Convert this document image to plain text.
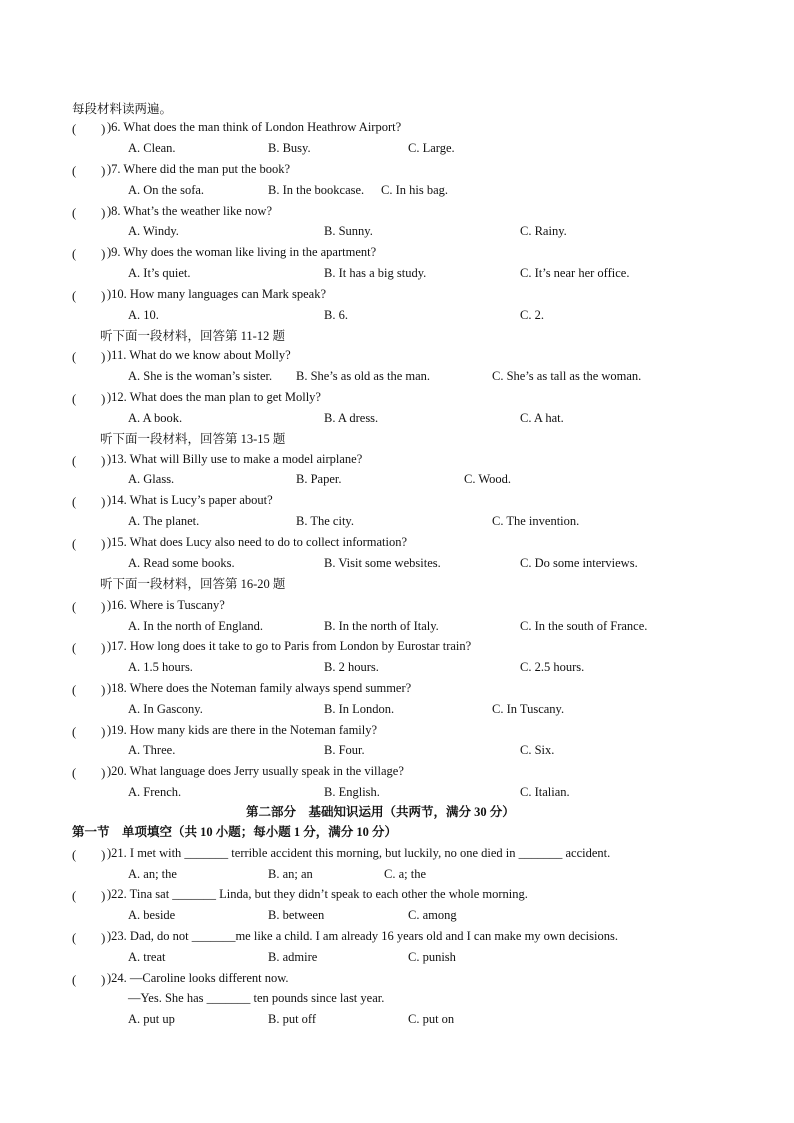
每段材料读两遍。
(　　) )6. What does the man think of London Heathrow Airport?
A. Clean.	B. Busy.	C. Large.
(　　) )7. Where did the man put the book?
A. On the sofa.	B. In the bookcase. C. In his bag.
(　　) )8. What’s the weather like now?
A. Windy.	B. Sunny.	C. Rainy.
(　　) )9. Why does the woman like living in the apartment?
A. It’s quiet.	B. It has a big study.	C. It’s near her office.
(　　) )10. How many languages can Mark speak?
A. 10.	B. 6.	C. 2.
听下面一段材料，回答第 11-12 题
(　　) )11. What do we know about Molly?
A. She is the woman’s sister. B. She’s as old as the man.	C. She’s as tall as the woman.
(　　) )12. What does the man plan to get Molly?
A. A book.	B. A dress.	C. A hat.
听下面一段材料，回答第 13-15 题
(　　) )13. What will Billy use to make a model airplane?
A. Glass.	B. Paper.	C. Wood.
(　　) )14. What is Lucy’s paper about?
A. The planet.	B. The city.	C. The invention.
(　　) )15. What does Lucy also need to do to collect information?
A. Read some books.	B. Visit some websites.	C. Do some interviews.
听下面一段材料，回答第 16-20 题
(　　) )16. Where is Tuscany?
A. In the north of England.	B. In the north of Italy.	C. In the south of France.
(　　) )17. How long does it take to go to Paris from London by Eurostar train?
A. 1.5 hours.	B. 2 hours.	C. 2.5 hours.
(　　) )18. Where does the Noteman family always spend summer?
A. In Gascony.	B. In London.	C. In Tuscany.
(　　) )19. How many kids are there in the Noteman family?
A. Three.	B. Four.	C. Six.
(　　) )20. What language does Jerry usually speak in the village?
A. French.	B. English.	C. Italian.
第二部分　基础知识运用（共两节，满分 30 分）
第一节　单项填空（共 10 小题；每小题 1 分，满分 10 分）
(　　) )21. I met with _______ terrible accident this morning, but luckily, no one died in _______ accident.
A. an; the	B. an; an	C. a; the
(　　) )22. Tina sat _______ Linda, but they didn’t speak to each other the whole morning.
A. beside	B. between	C. among
(　　) )23. Dad, do not _______me like a child. I am already 16 years old and I can make my own decisions.
A. treat	B. admire	C. punish
(　　) )24. —Caroline looks different now.
—Yes. She has _______ ten pounds since last year.
A. put up	B. put off	C. put on
